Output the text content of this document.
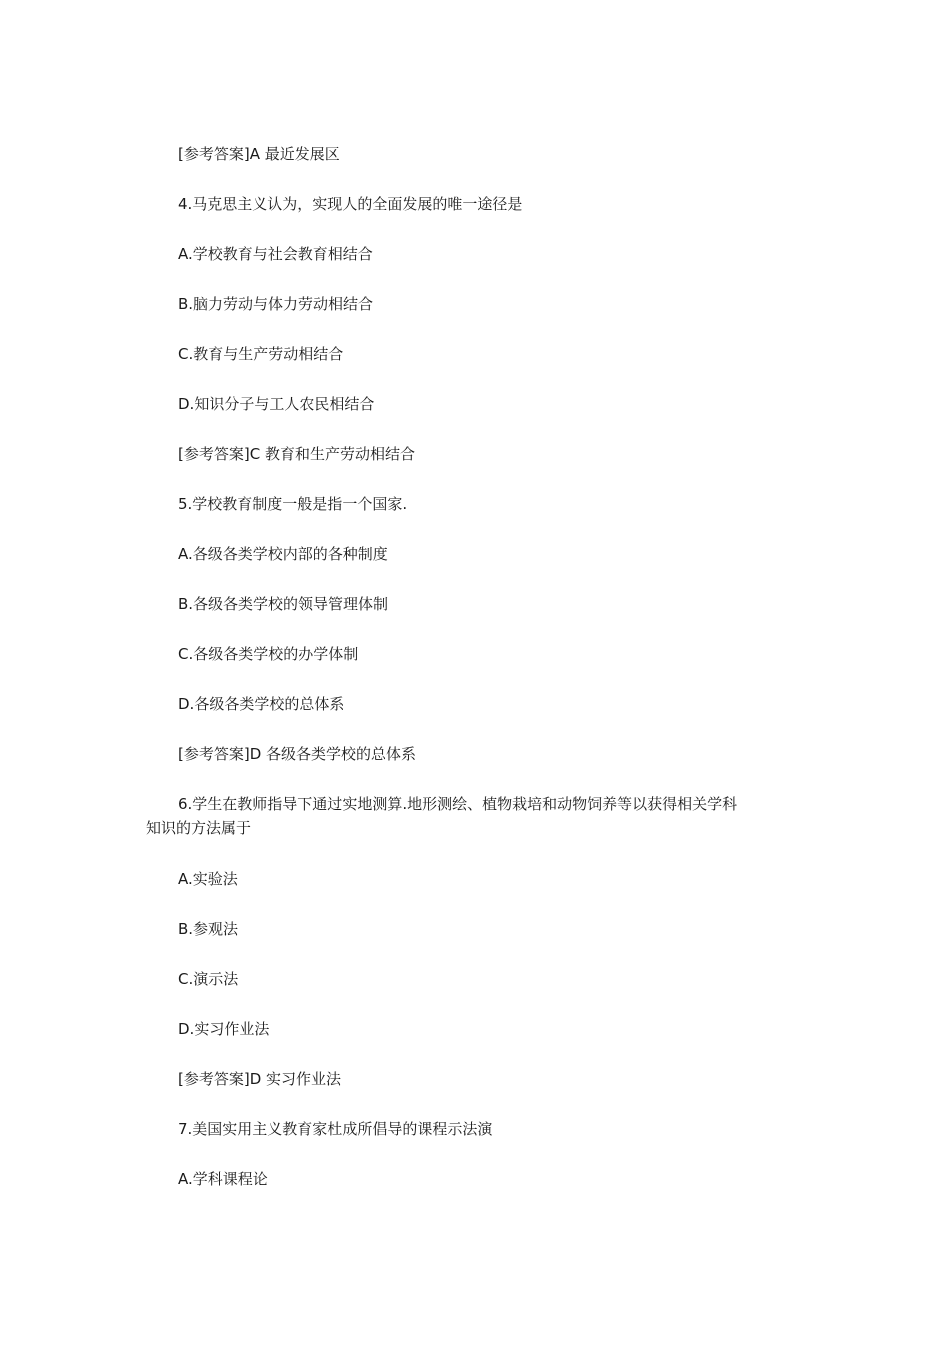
[参考答案]A 最近发展区
4.马克思主义认为，实现人的全面发展的唯一途径是
A.学校教育与社会教育相结合
B.脑力劳动与体力劳动相结合
C.教育与生产劳动相结合
D.知识分子与工人农民相结合
[参考答案]C 教育和生产劳动相结合
5.学校教育制度一般是指一个国家.
A.各级各类学校内部的各种制度
B.各级各类学校的领导管理体制
C.各级各类学校的办学体制
D.各级各类学校的总体系
[参考答案]D 各级各类学校的总体系
6.学生在教师指导下通过实地测算.地形测绘、植物栽培和动物饲养等以获得相关学科
知识的方法属于
A.实验法
B.参观法
C.演示法
D.实习作业法
[参考答案]D 实习作业法
7.美国实用主义教育家杜成所倡导的课程示法演
A.学科课程论
